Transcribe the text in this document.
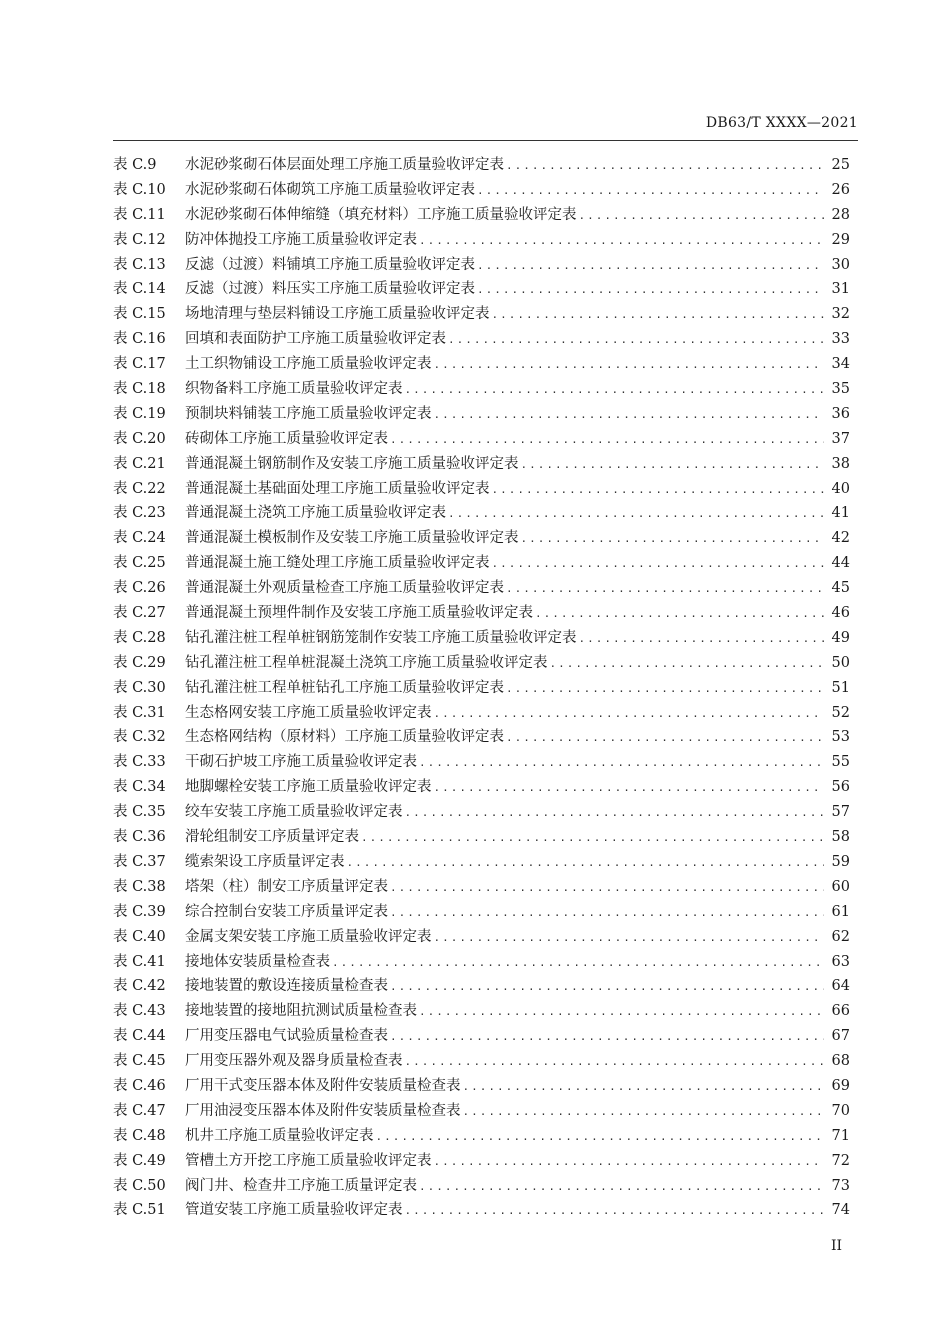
DB63/T XXXX—2021
表 C.9	水泥砂浆砌石体层面处理工序施工质量验收评定表 .....	25
表 C.10	水泥砂浆砌石体砌筑工序施工质量验收评定表 .....	26
表 C.11	水泥砂浆砌石体伸缩缝（填充材料）工序施工质量验收评定表 .....	28
表 C.12	防冲体抛投工序施工质量验收评定表 .....	29
表 C.13	反滤（过渡）料铺填工序施工质量验收评定表 .....	30
表 C.14	反滤（过渡）料压实工序施工质量验收评定表 .....	31
表 C.15	场地清理与垫层料铺设工序施工质量验收评定表 .....	32
表 C.16	回填和表面防护工序施工质量验收评定表 .....	33
表 C.17	土工织物铺设工序施工质量验收评定表 .....	34
表 C.18	织物备料工序施工质量验收评定表 .....	35
表 C.19	预制块料铺装工序施工质量验收评定表 .....	36
表 C.20	砖砌体工序施工质量验收评定表 .....	37
表 C.21	普通混凝土钢筋制作及安装工序施工质量验收评定表 .....	38
表 C.22	普通混凝土基础面处理工序施工质量验收评定表 .....	40
表 C.23	普通混凝土浇筑工序施工质量验收评定表 .....	41
表 C.24	普通混凝土模板制作及安装工序施工质量验收评定表 .....	42
表 C.25	普通混凝土施工缝处理工序施工质量验收评定表 .....	44
表 C.26	普通混凝土外观质量检查工序施工质量验收评定表 .....	45
表 C.27	普通混凝土预埋件制作及安装工序施工质量验收评定表 .....	46
表 C.28	钻孔灌注桩工程单桩钢筋笼制作安装工序施工质量验收评定表 .....	49
表 C.29	钻孔灌注桩工程单桩混凝土浇筑工序施工质量验收评定表 .....	50
表 C.30	钻孔灌注桩工程单桩钻孔工序施工质量验收评定表 .....	51
表 C.31	生态格网安装工序施工质量验收评定表 .....	52
表 C.32	生态格网结构（原材料）工序施工质量验收评定表 .....	53
表 C.33	干砌石护坡工序施工质量验收评定表 .....	55
表 C.34	地脚螺栓安装工序施工质量验收评定表 .....	56
表 C.35	绞车安装工序施工质量验收评定表 .....	57
表 C.36	滑轮组制安工序质量评定表 .....	58
表 C.37	缆索架设工序质量评定表 .....	59
表 C.38	塔架（柱）制安工序质量评定表 .....	60
表 C.39	综合控制台安装工序质量评定表 .....	61
表 C.40	金属支架安装工序施工质量验收评定表 .....	62
表 C.41	接地体安装质量检查表 .....	63
表 C.42	接地装置的敷设连接质量检查表 .....	64
表 C.43	接地装置的接地阻抗测试质量检查表 .....	66
表 C.44	厂用变压器电气试验质量检查表 .....	67
表 C.45	厂用变压器外观及器身质量检查表 .....	68
表 C.46	厂用干式变压器本体及附件安装质量检查表 .....	69
表 C.47	厂用油浸变压器本体及附件安装质量检查表 .....	70
表 C.48	机井工序施工质量验收评定表 .....	71
表 C.49	管槽土方开挖工序施工质量验收评定表 .....	72
表 C.50	阀门井、检查井工序施工质量评定表 .....	73
表 C.51	管道安装工序施工质量验收评定表 .....	74
II
